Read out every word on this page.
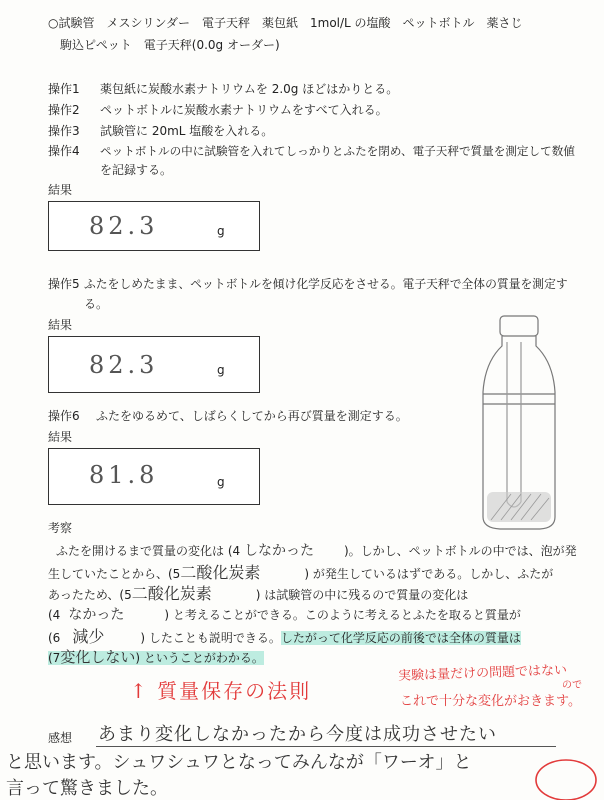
○試験管　メスシリンダー　電子天秤　薬包紙　1mol/L の塩酸　ペットボトル　薬さじ
駒込ピペット　電子天秤(0.0g オーダー)
操作1 薬包紙に炭酸水素ナトリウムを 2.0g ほどはかりとる。
操作2 ペットボトルに炭酸水素ナトリウムをすべて入れる。
操作3 試験管に 20mL 塩酸を入れる。
操作4 ペットボトルの中に試験管を入れてしっかりとふたを閉め、電子天秤で質量を測定して数値
を記録する。
結果
82.3	g
操作5 ふたをしめたまま、ペットボトルを傾け化学反応をさせる。電子天秤で全体の質量を測定す
る。
結果
82.3	g
操作6 ふたをゆるめて、しばらくしてから再び質量を測定する。
結果
81.8	g
考察
ふたを開けるまで質量の変化は (4 しなかった	)。しかし、ペットボトルの中では、泡が発
生していたことから、(5二酸化炭素	) が発生しているはずである。しかし、ふたが
あったため、(5二酸化炭素	) は試験管の中に残るので質量の変化は
(4 なかった	) と考えることができる。このように考えるとふたを取ると質量が
(6 減少	) したことも説明できる。したがって化学反応の前後では全体の質量は
(7変化しない) ということがわかる。
↑ 質量保存の法則
実験は量だけの問題ではない
ので
これで十分な変化がおきます。
感想 あまり変化しなかったから今度は成功させたい
と思います。シュワシュワとなってみんなが「ワーオ」と
言って驚きました。
